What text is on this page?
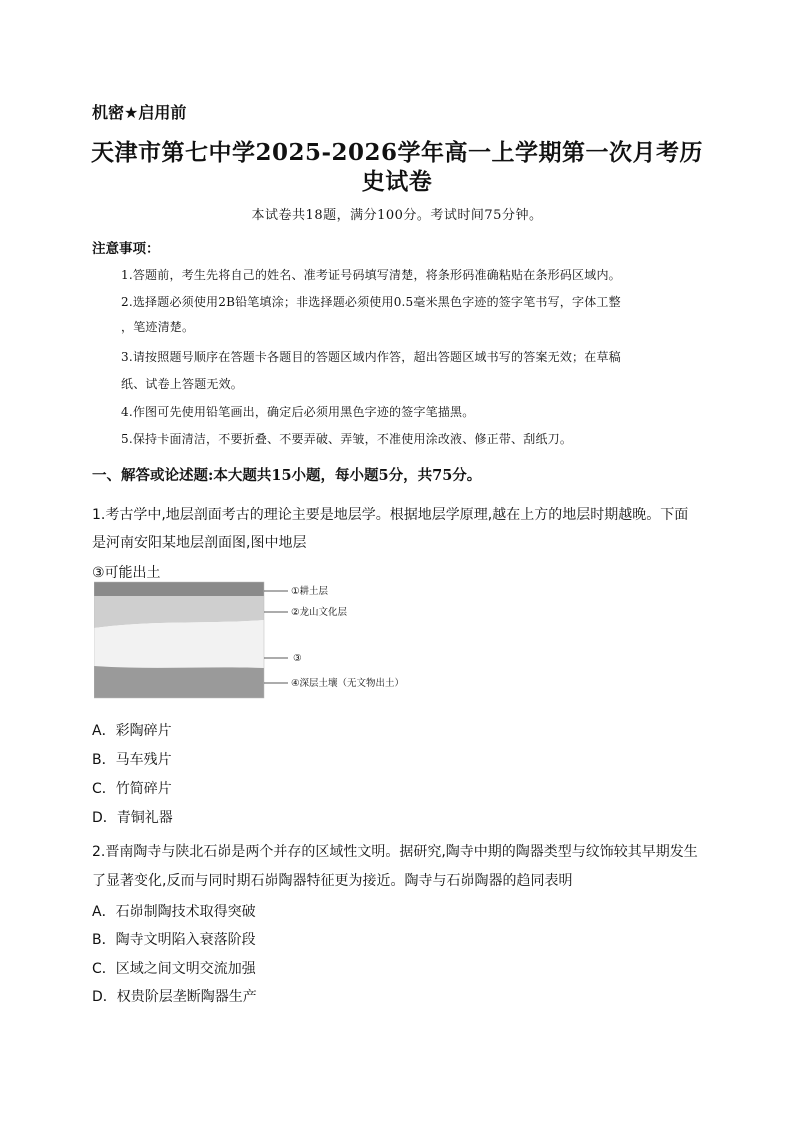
机密★启用前
天津市第七中学2025-2026学年高一上学期第一次月考历
史试卷
本试卷共18题，满分100分。考试时间75分钟。
注意事项：
1.答题前，考生先将自己的姓名、准考证号码填写清楚，将条形码准确粘贴在条形码区域内。
2.选择题必须使用2B铅笔填涂；非选择题必须使用0.5毫米黑色字迹的签字笔书写，字体工整
，笔迹清楚。
3.请按照题号顺序在答题卡各题目的答题区域内作答，超出答题区域书写的答案无效；在草稿
纸、试卷上答题无效。
4.作图可先使用铅笔画出，确定后必须用黑色字迹的签字笔描黑。
5.保持卡面清洁，不要折叠、不要弄破、弄皱，不准使用涂改液、修正带、刮纸刀。
一、解答或论述题:本大题共15小题，每小题5分，共75分。
1.考古学中,地层剖面考古的理论主要是地层学。根据地层学原理,越在上方的地层时期越晚。下面
是河南安阳某地层剖面图,图中地层
③可能出土
①耕土层
②龙山文化层
③
④深层土壤（无文物出土）
A．彩陶碎片
B．马车残片
C．竹简碎片
D．青铜礼器
2.晋南陶寺与陕北石峁是两个并存的区域性文明。据研究,陶寺中期的陶器类型与纹饰较其早期发生
了显著变化,反而与同时期石峁陶器特征更为接近。陶寺与石峁陶器的趋同表明
A．石峁制陶技术取得突破
B．陶寺文明陷入衰落阶段
C．区域之间文明交流加强
D．权贵阶层垄断陶器生产
